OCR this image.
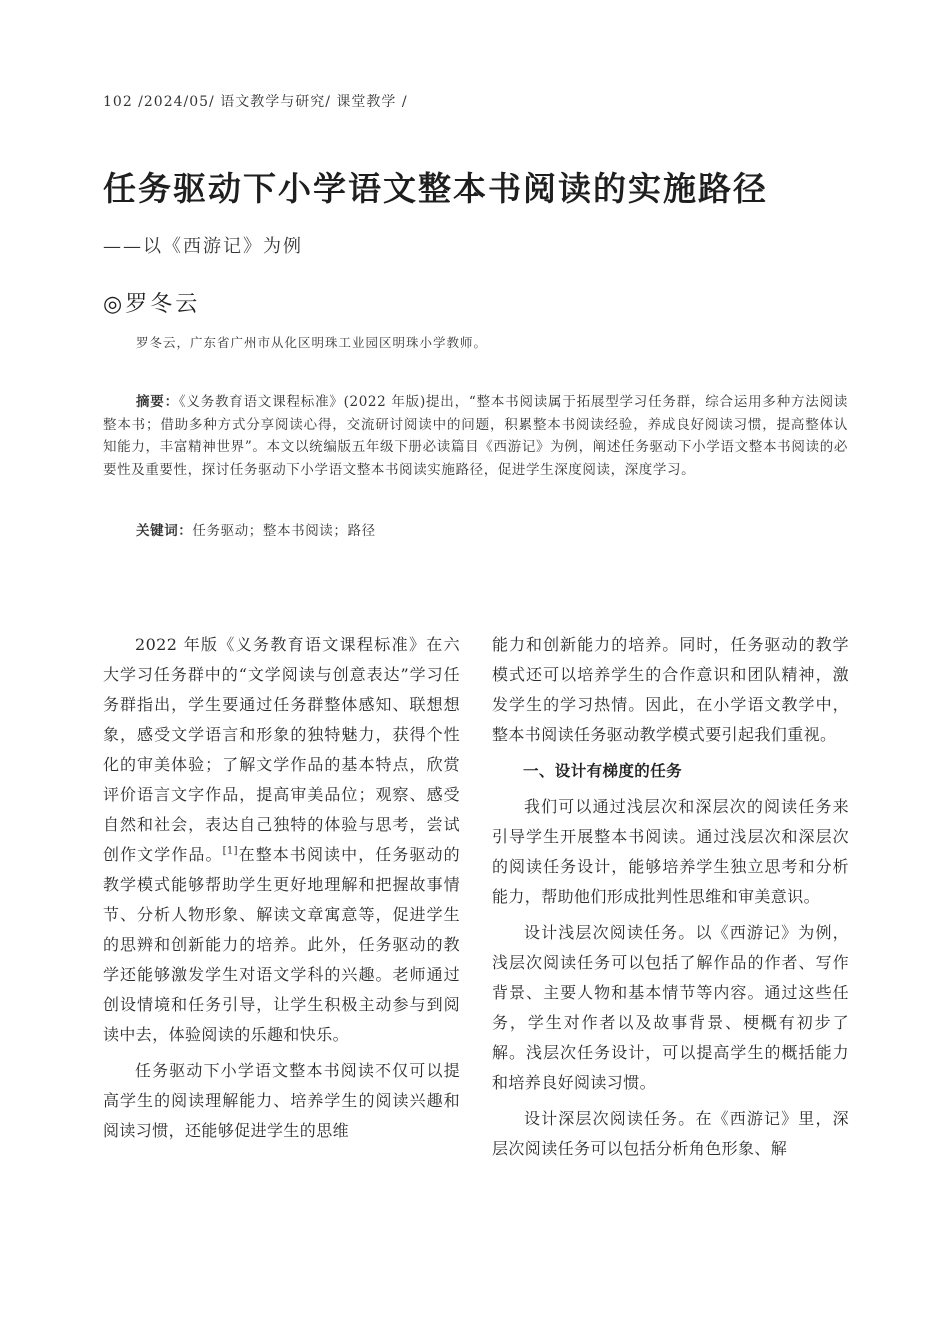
102 /2024/05/ 语文教学与研究/ 课堂教学 /
任务驱动下小学语文整本书阅读的实施路径
——以《西游记》为例
◎罗冬云
罗冬云，广东省广州市从化区明珠工业园区明珠小学教师。
摘要：《义务教育语文课程标准》(2022 年版)提出，“整本书阅读属于拓展型学习任务群，综合运用多种方法阅读整本书；借助多种方式分享阅读心得，交流研讨阅读中的问题，积累整本书阅读经验，养成良好阅读习惯，提高整体认知能力，丰富精神世界”。本文以统编版五年级下册必读篇目《西游记》为例，阐述任务驱动下小学语文整本书阅读的必要性及重要性，探讨任务驱动下小学语文整本书阅读实施路径，促进学生深度阅读，深度学习。
关键词：任务驱动；整本书阅读；路径

2022 年版《义务教育语文课程标准》在六大学习任务群中的“文学阅读与创意表达”学习任务群指出，学生要通过任务群整体感知、联想想象，感受文学语言和形象的独特魅力，获得个性化的审美体验；了解文学作品的基本特点，欣赏评价语言文字作品，提高审美品位；观察、感受自然和社会，表达自己独特的体验与思考，尝试创作文学作品。[1]在整本书阅读中，任务驱动的教学模式能够帮助学生更好地理解和把握故事情节、分析人物形象、解读文章寓意等，促进学生的思辨和创新能力的培养。此外，任务驱动的教学还能够激发学生对语文学科的兴趣。老师通过创设情境和任务引导，让学生积极主动参与到阅读中去，体验阅读的乐趣和快乐。

任务驱动下小学语文整本书阅读不仅可以提高学生的阅读理解能力、培养学生的阅读兴趣和阅读习惯，还能够促进学生的思维

能力和创新能力的培养。同时，任务驱动的教学模式还可以培养学生的合作意识和团队精神，激发学生的学习热情。因此，在小学语文教学中，整本书阅读任务驱动教学模式要引起我们重视。

一、设计有梯度的任务

我们可以通过浅层次和深层次的阅读任务来引导学生开展整本书阅读。通过浅层次和深层次的阅读任务设计，能够培养学生独立思考和分析能力，帮助他们形成批判性思维和审美意识。

设计浅层次阅读任务。以《西游记》为例，浅层次阅读任务可以包括了解作品的作者、写作背景、主要人物和基本情节等内容。通过这些任务，学生对作者以及故事背景、梗概有初步了解。浅层次任务设计，可以提高学生的概括能力和培养良好阅读习惯。

设计深层次阅读任务。在《西游记》里，深层次阅读任务可以包括分析角色形象、解
